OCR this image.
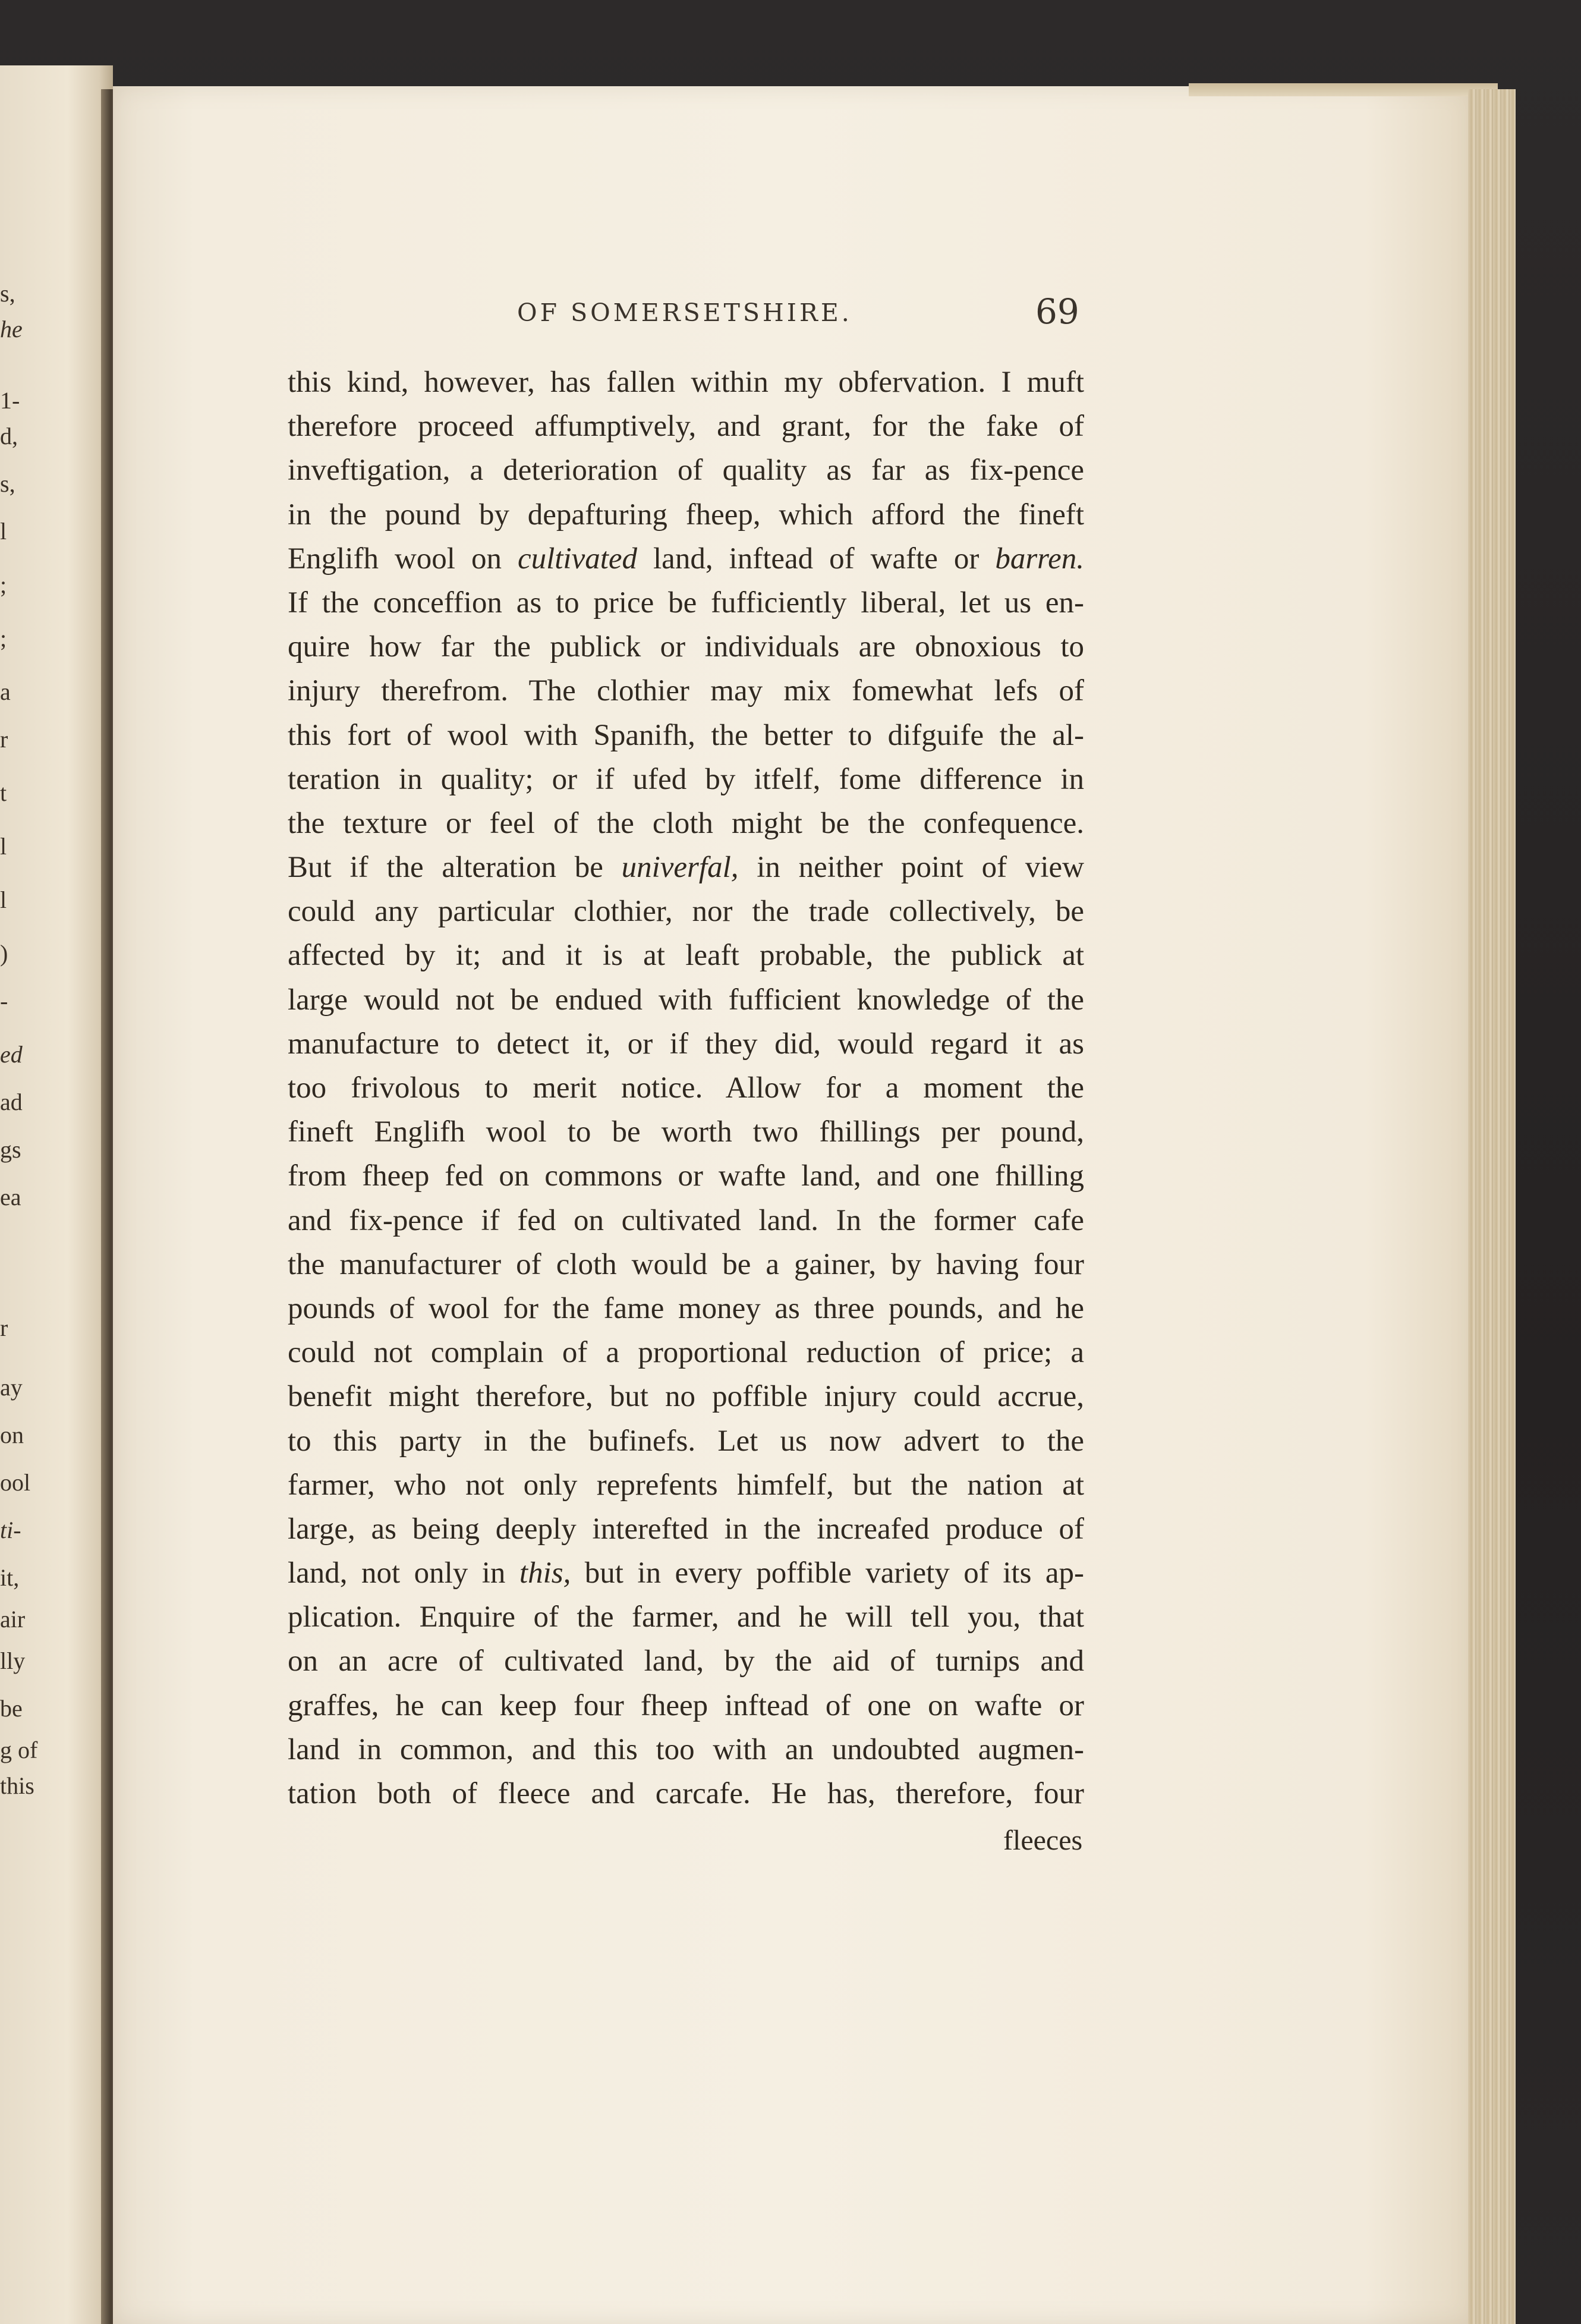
s,
he
1-
d,
s,
l
;
;
a
r
t
l
l
)
-
ed
ad
gs
ea
r
ay
on
ool
ti-
it,
air
lly
be
g of
this
OF SOMERSETSHIRE.	69
this kind, however, has fallen within my obfervation. I muft
therefore proceed affumptively, and grant, for the fake of
inveftigation, a deterioration of quality as far as fix-pence
in the pound by depafturing fheep, which afford the fineft
Englifh wool on cultivated land, inftead of wafte or barren.
If the conceffion as to price be fufficiently liberal, let us en-
quire how far the publick or individuals are obnoxious to
injury therefrom. The clothier may mix fomewhat lefs of
this fort of wool with Spanifh, the better to difguife the al-
teration in quality; or if ufed by itfelf, fome difference in
the texture or feel of the cloth might be the confequence.
But if the alteration be univerfal, in neither point of view
could any particular clothier, nor the trade collectively, be
affected by it; and it is at leaft probable, the publick at
large would not be endued with fufficient knowledge of the
manufacture to detect it, or if they did, would regard it as
too frivolous to merit notice. Allow for a moment the
fineft Englifh wool to be worth two fhillings per pound,
from fheep fed on commons or wafte land, and one fhilling
and fix-pence if fed on cultivated land. In the former cafe
the manufacturer of cloth would be a gainer, by having four
pounds of wool for the fame money as three pounds, and he
could not complain of a proportional reduction of price; a
benefit might therefore, but no poffible injury could accrue,
to this party in the bufinefs. Let us now advert to the
farmer, who not only reprefents himfelf, but the nation at
large, as being deeply interefted in the increafed produce of
land, not only in this, but in every poffible variety of its ap-
plication. Enquire of the farmer, and he will tell you, that
on an acre of cultivated land, by the aid of turnips and
graffes, he can keep four fheep inftead of one on wafte or
land in common, and this too with an undoubted augmen-
tation both of fleece and carcafe. He has, therefore, four
fleeces
